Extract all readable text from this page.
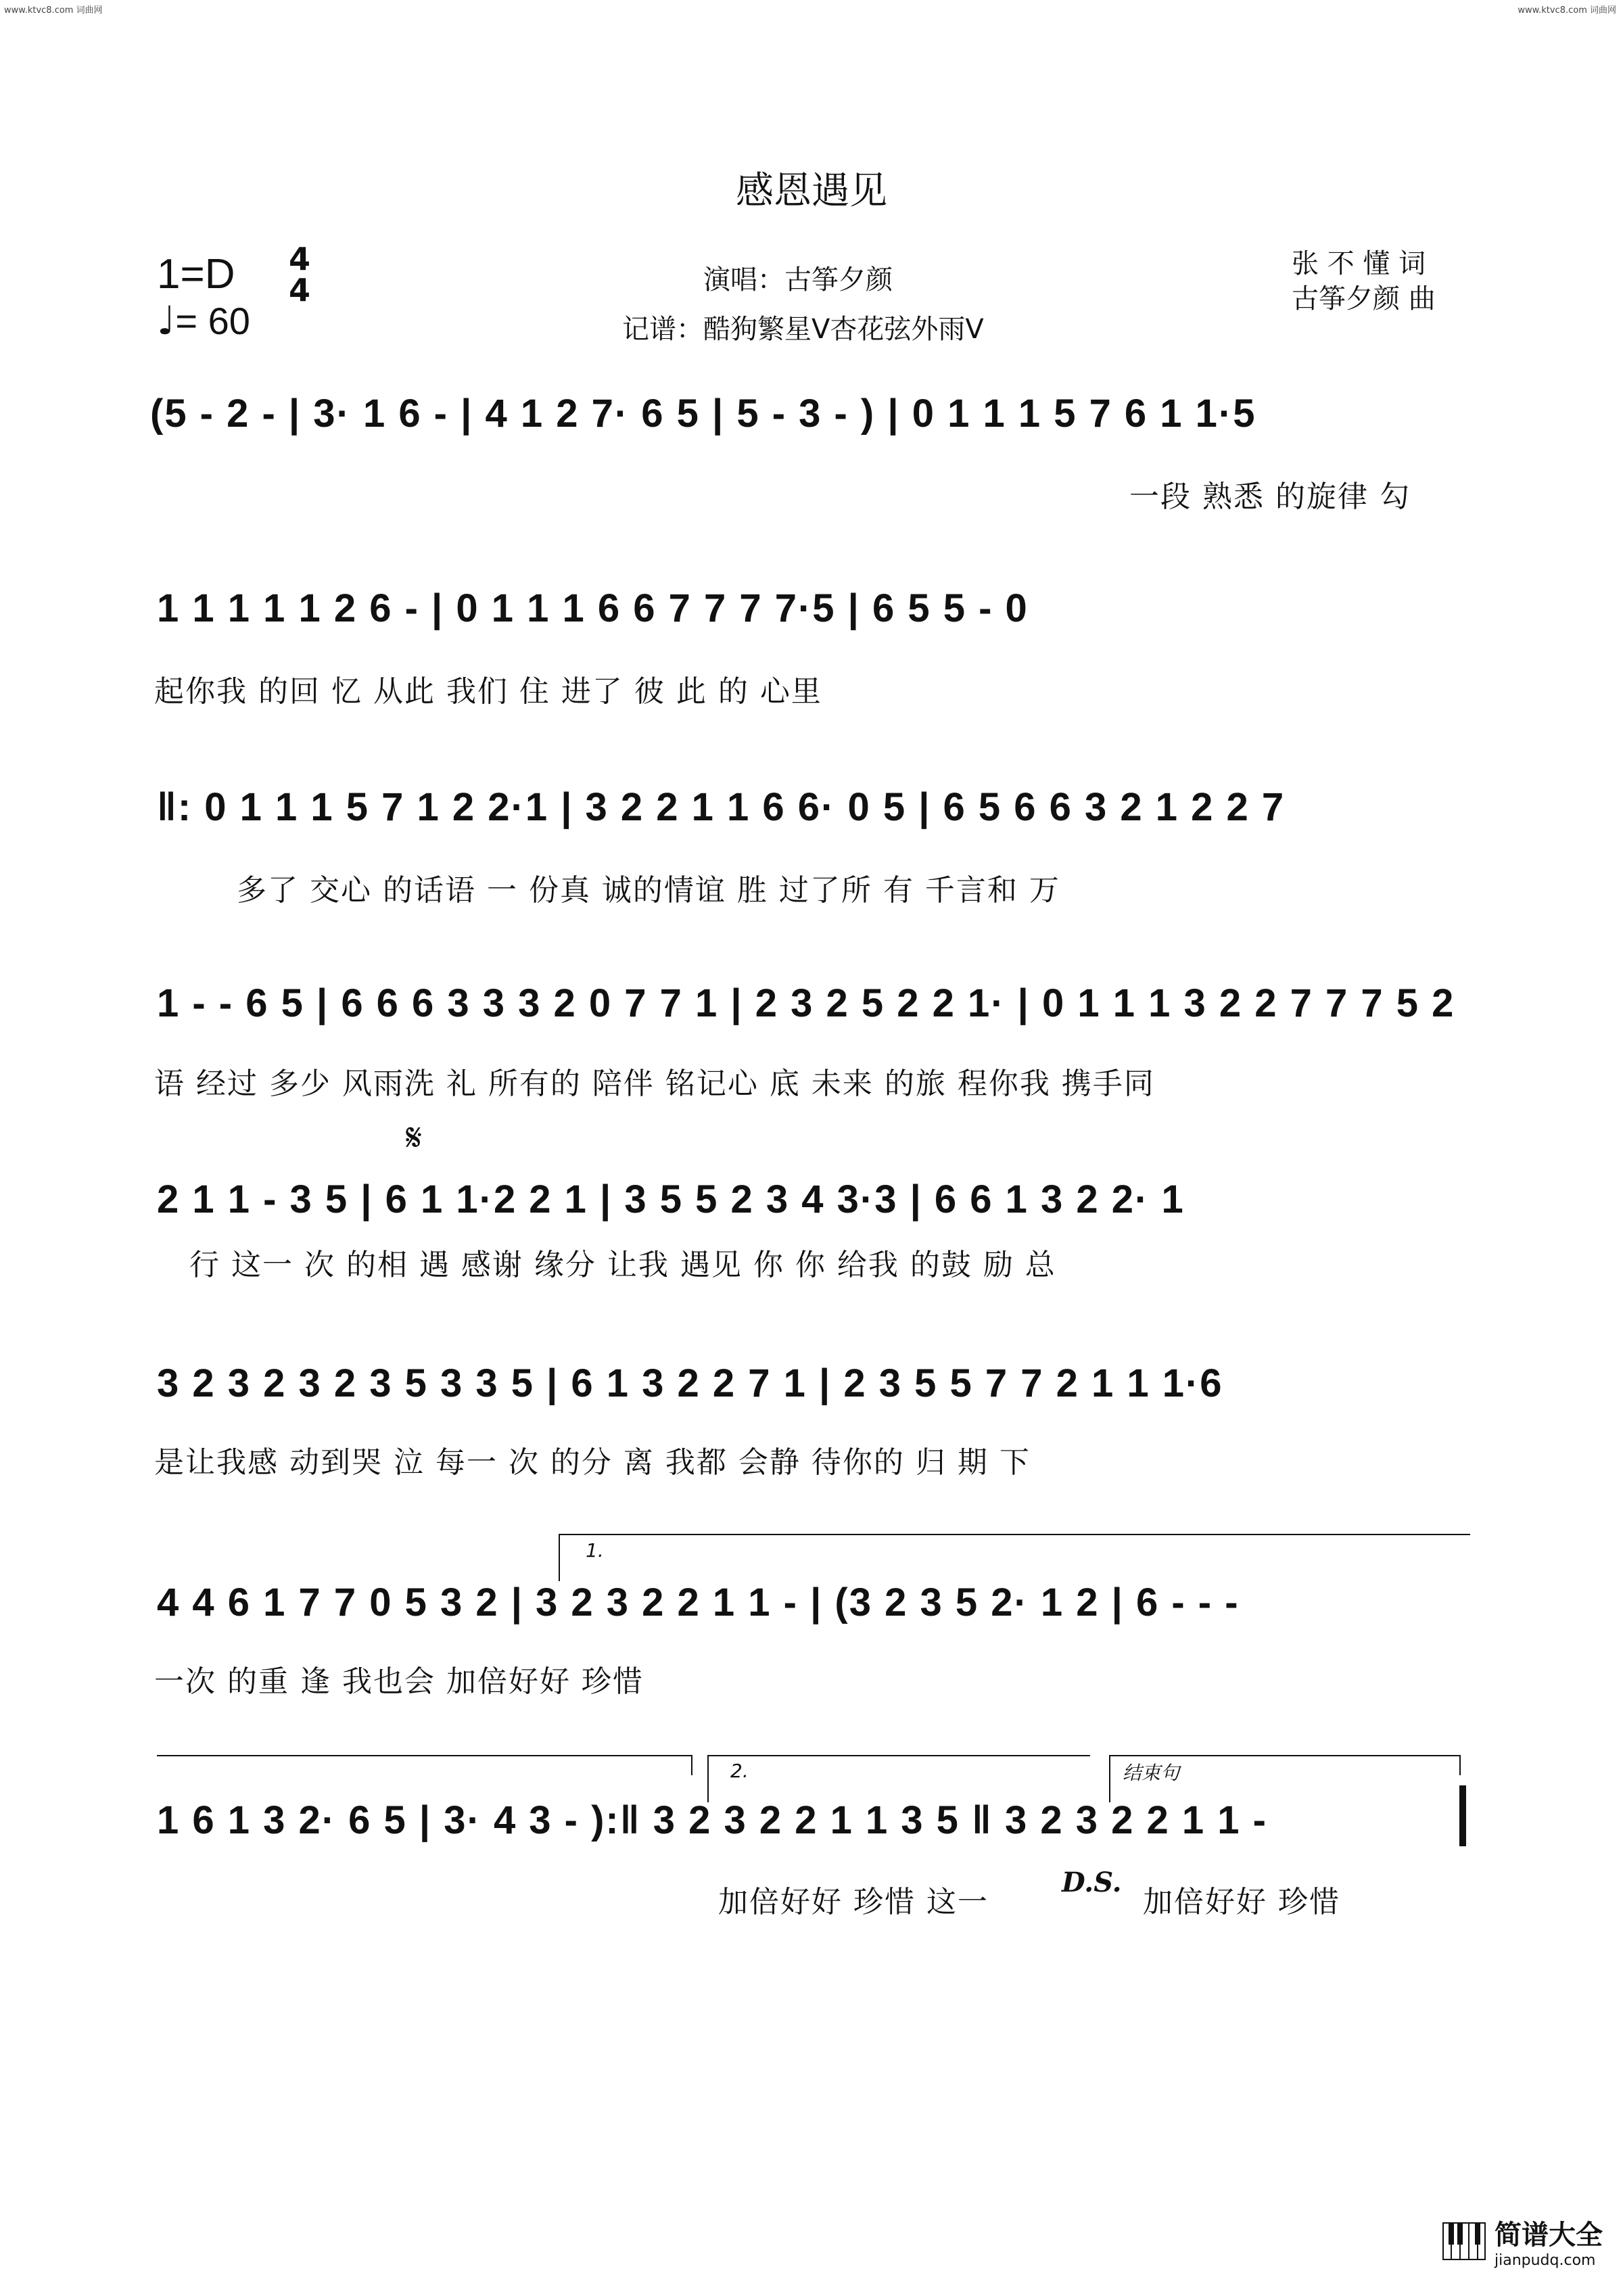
www.ktvc8.com 词曲网	www.ktvc8.com 词曲网
感恩遇见
1=D 4
4
♩= 60
演唱：古筝夕颜
记谱：酷狗繁星V杏花弦外雨V
张 不 懂 词
古筝夕颜 曲
(5 - 2 - | 3· 1 6 - | 4 1 2 7· 6 5 | 5 - 3 - ) | 0 1 1 1 5 7 6 1 1·5
一段 熟悉 的旋律 勾
1 1 1 1 1 2 6 - | 0 1 1 1 6 6 7 7 7 7·5 | 6 5 5 - 0
起你我 的回 忆 从此 我们 住 进了 彼 此 的 心里
‖: 0 1 1 1 5 7 1 2 2·1 | 3 2 2 1 1 6 6· 0 5 | 6 5 6 6 3 2 1 2 2 7
多了 交心 的话语 一 份真 诚的情谊 胜 过了所 有 千言和 万
1 - - 6 5 | 6 6 6 3 3 3 2 0 7 7 1 | 2 3 2 5 2 2 1· | 0 1 1 1 3 2 2 7 7 7 5 2
语 经过 多少 风雨洗 礼 所有的 陪伴 铭记心 底 未来 的旅 程你我 携手同
𝄋
2 1 1 - 3 5 | 6 1 1·2 2 1 | 3 5 5 2 3 4 3·3 | 6 6 1 3 2 2· 1
行 这一 次 的相 遇 感谢 缘分 让我 遇见 你 你 给我 的鼓 励 总
3 2 3 2 3 2 3 5 3 3 5 | 6 1 3 2 2 7 1 | 2 3 5 5 7 7 2 1 1 1·6
是让我感 动到哭 泣 每一 次 的分 离 我都 会静 待你的 归 期 下
1.
4 4 6 1 7 7 0 5 3 2 | 3 2 3 2 2 1 1 - | (3 2 3 5 2· 1 2 | 6 - - -
一次 的重 逢 我也会 加倍好好 珍惜
2.	结束句
1 6 1 3 2· 6 5 | 3· 4 3 - ):‖ 3 2 3 2 2 1 1 3 5 ‖ 3 2 3 2 2 1 1 -
加倍好好 珍惜 这一
D.S.
加倍好好 珍惜

简谱大全
jianpudq.com
